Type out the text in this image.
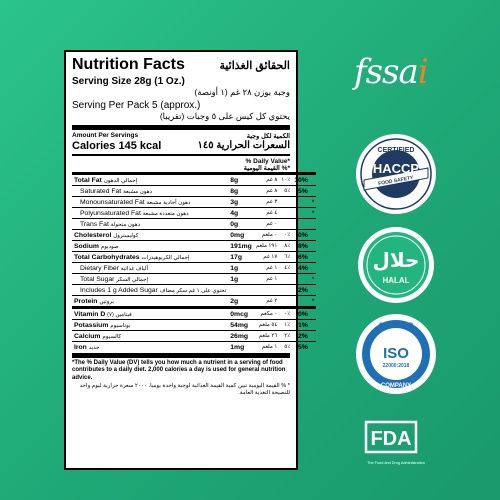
Nutrition Facts	الحقائق الغذائية
Serving Size 28g (1 Oz.)
وجبة بوزن ٢٨ غم (١ أونصة)
Serving Per Pack 5 (approx.)
يحتوي كل كيس على ٥ وجبات (تقريبا)
Amount Per Servings	الكمية لكل وجبة
Calories 145 kcal	السعرات الحرارية ١٤٥
% Daily Value*
القيمة اليومية %*
Total Fat إجمالي الدهون	8g	٨ غم	١٠٪	10%	
Saturated Fat دهون مشبعة	8g	٨ غم	٥٪	5%	
Monounsaturated Fat دهون أحادية مشبعة	3g	٣ غم			*
Polyunsaturated Fat دهون متعددة مشبعة	4g	٤ غم			*
Trans Fat دهون متحولة	0g	٠ غم			
Cholesterol كوليسترول	0mg	٠ ملغم	٠٪	0%	
Sodium صوديوم	191mg	١٩١ ملغم	٨٪	8%	
Total Carbohydrates إجمالي الكربوهيدرات	17g	١٧ غم	٦٪	6%	
Dietary Fiber ألياف غذائية	1g	١ غم	٤٪	4%	
Total Sugar إجمالي السكر	1g	١ غم			*
Includes 1 g Added Sugar تحتوي على ١ غم سكر مضاف				2%	
Protein بروتين	2g	٢ غم			*
Vitamin D (٧) فيتامين	0mcg	٠ مكغم	٠٪	0%	
Potassium بوتاسيوم	54mg	٥٤ ملغم	١٪	1%	
Calcium كالسيوم	26mg	٢٦ ملغم	٢٪	2%	
Iron حديد	1mg	١ ملغم	٥٪	5%	
*The % Daily Value (DV) tells you how much a nutrient in a serving of food contributes to a daily diet. 2,000 calories a day is used for general nutrition advice.
* % القيمة اليومية تبين كمية القيمة الغذائية لوجبة واحدة يوميا. ٢٠٠٠ سعرة حرارية ليوم واحد للنصيحة التغذية العامة.
fssai
CERTIFIED
HACCP
FOOD SAFETY
حلال
HALAL
CERTIFIED
ISO
22000:2018
COMPANY
FDA
The Food and Drug Administration
